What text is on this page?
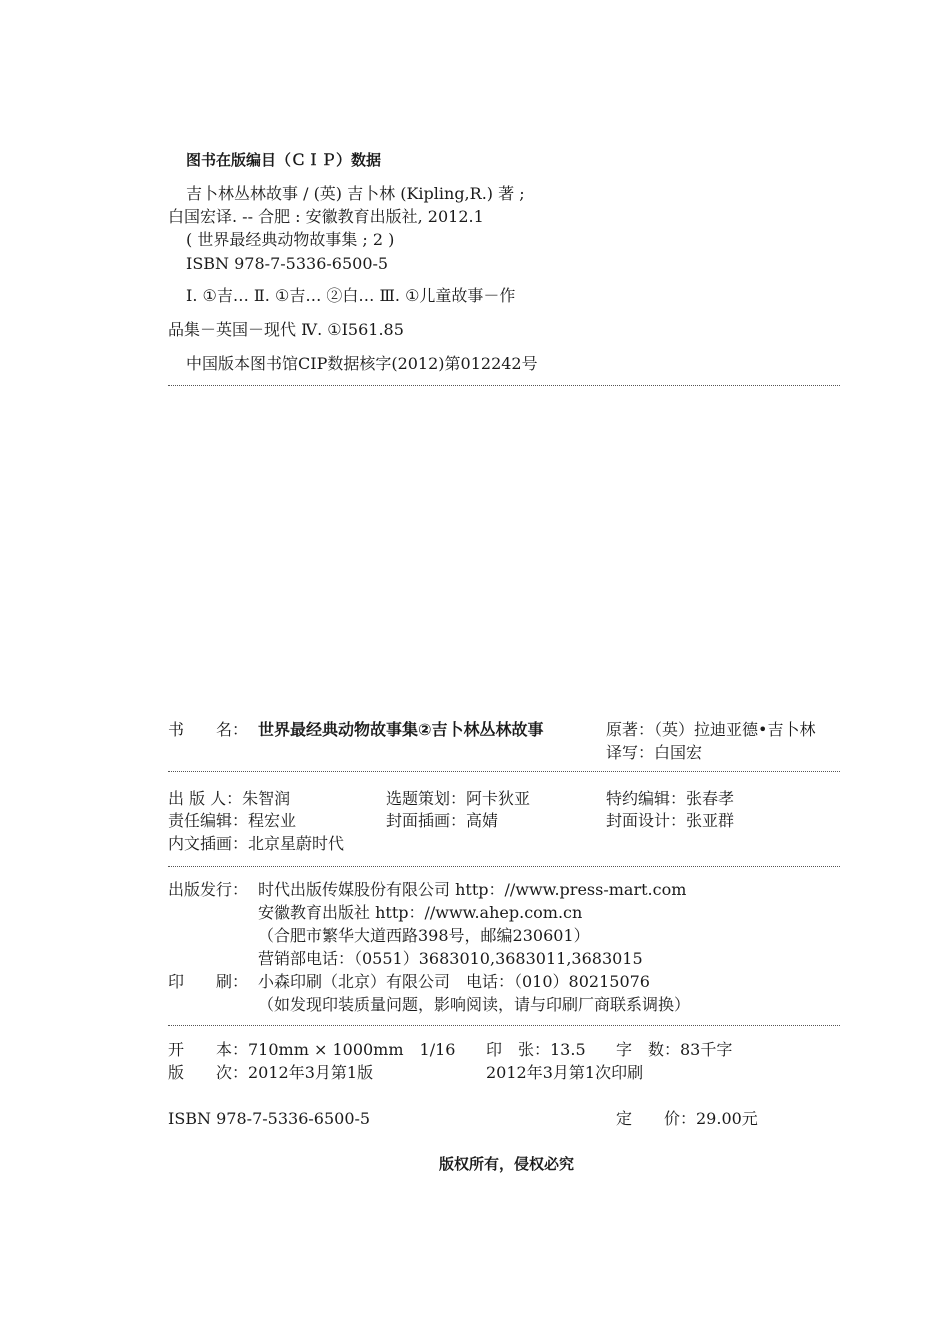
图书在版编目（ＣＩＰ）数据
吉卜林丛林故事 / (英) 吉卜林 (Kipling,R.) 著 ;
白国宏译. -- 合肥 : 安徽教育出版社, 2012.1
( 世界最经典动物故事集 ; 2 )
ISBN 978-7-5336-6500-5
Ⅰ. ①吉… Ⅱ. ①吉… ②白… Ⅲ. ①儿童故事－作
品集－英国－现代 Ⅳ. ①I561.85
中国版本图书馆CIP数据核字(2012)第012242号
书　　名： 世界最经典动物故事集②吉卜林丛林故事	原著：（英）拉迪亚德•吉卜林
译写：白国宏
出 版 人：朱智润	选题策划：阿卡狄亚	特约编辑：张春孝
责任编辑：程宏业	封面插画：高婧	封面设计：张亚群
内文插画：北京星蔚时代
出版发行： 时代出版传媒股份有限公司 http：//www.press-mart.com
安徽教育出版社 http：//www.ahep.com.cn
（合肥市繁华大道西路398号，邮编230601）
营销部电话：（0551）3683010,3683011,3683015
印　　刷： 小森印刷（北京）有限公司　电话：（010）80215076
（如发现印装质量问题，影响阅读，请与印刷厂商联系调换）
开　　本：710mm × 1000mm　1/16 印　张：13.5 字　数：83千字
版　　次：2012年3月第1版	2012年3月第1次印刷
ISBN 978-7-5336-6500-5	定　　价：29.00元
版权所有，侵权必究
